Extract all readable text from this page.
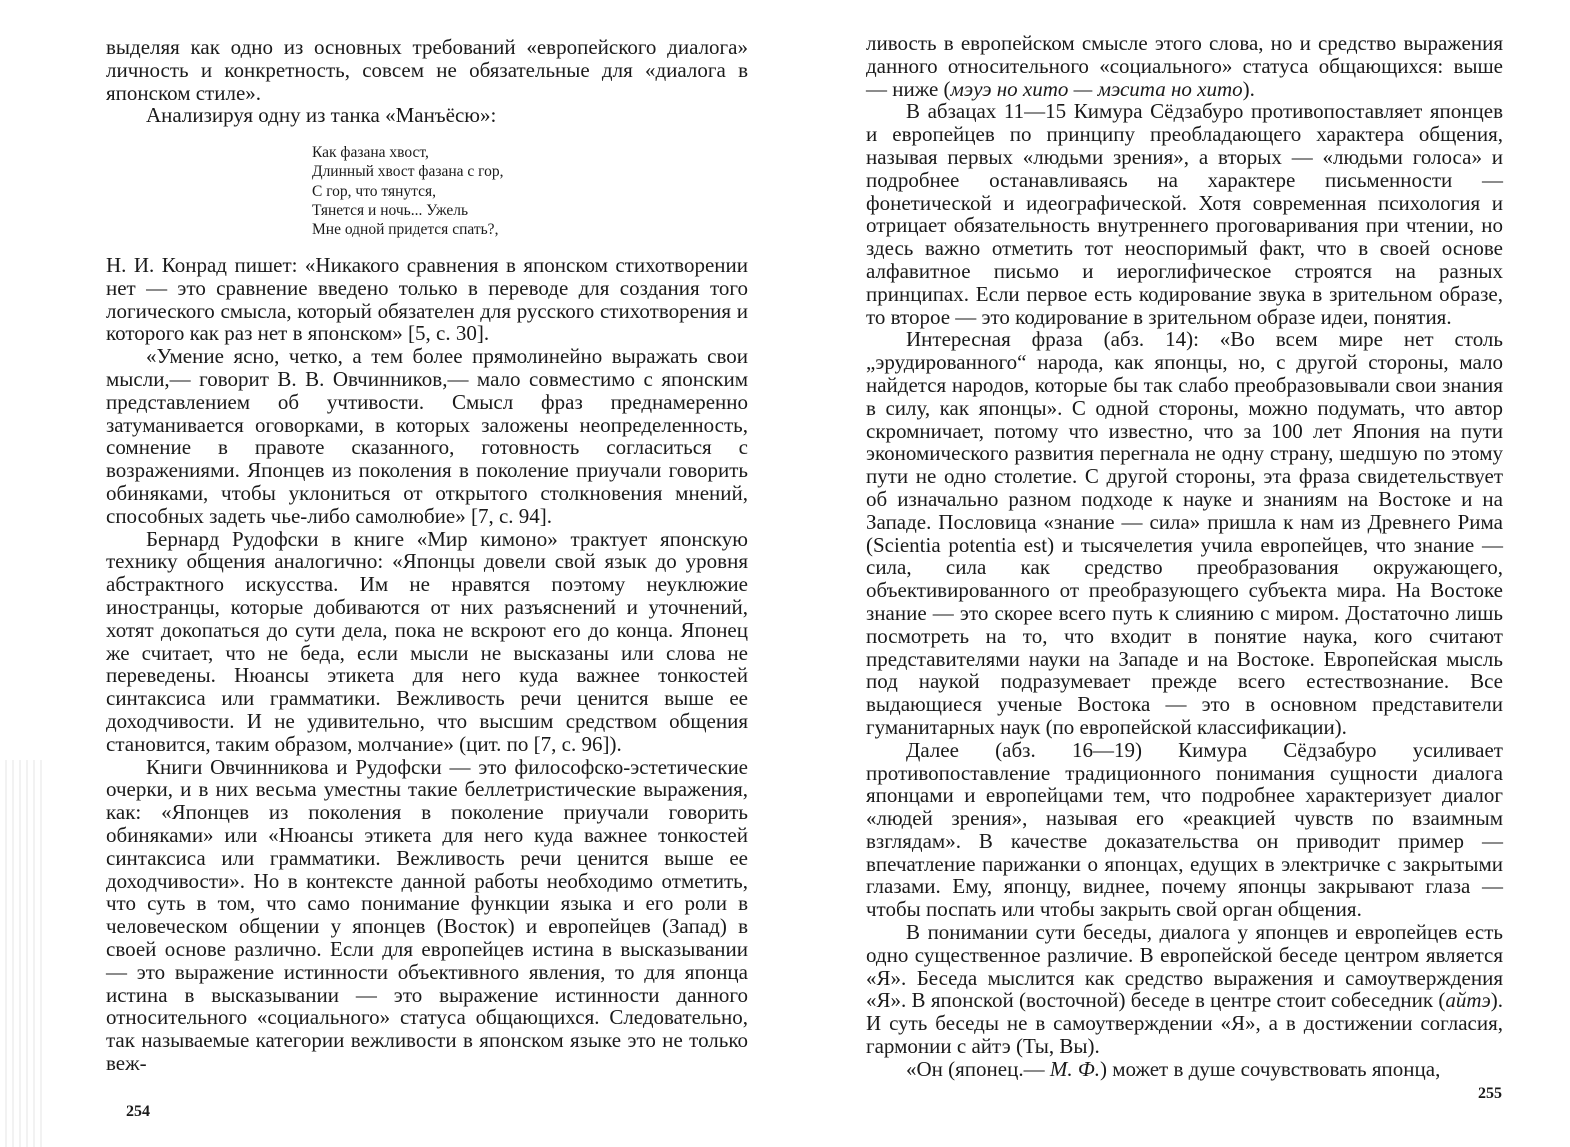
выделяя как одно из основных требований «европейского диалога» личность и конкретность, совсем не обязательные для «диалога в японском стиле».

Анализируя одну из танка «Манъёсю»:

Как фазана хвост,
Длинный хвост фазана с гор,
С гор, что тянутся,
Тянется и ночь... Ужель
Мне одной придется спать?,

Н. И. Конрад пишет: «Никакого сравнения в японском стихотворении нет — это сравнение введено только в переводе для создания того логического смысла, который обязателен для русского стихотворения и которого как раз нет в японском» [5, с. 30].

«Умение ясно, четко, а тем более прямолинейно выражать свои мысли,— говорит В. В. Овчинников,— мало совместимо с японским представлением об учтивости. Смысл фраз преднамеренно затуманивается оговорками, в которых заложены неопределенность, сомнение в правоте сказанного, готовность согласиться с возражениями. Японцев из поколения в поколение приучали говорить обиняками, чтобы уклониться от открытого столкновения мнений, способных задеть чье-либо самолюбие» [7, с. 94].

Бернард Рудофски в книге «Мир кимоно» трактует японскую технику общения аналогично: «Японцы довели свой язык до уровня абстрактного искусства. Им не нравятся поэтому неуклюжие иностранцы, которые добиваются от них разъяснений и уточнений, хотят докопаться до сути дела, пока не вскроют его до конца. Японец же считает, что не беда, если мысли не высказаны или слова не переведены. Нюансы этикета для него куда важнее тонкостей синтаксиса или грамматики. Вежливость речи ценится выше ее доходчивости. И не удивительно, что высшим средством общения становится, таким образом, молчание» (цит. по [7, с. 96]).

Книги Овчинникова и Рудофски — это философско-эстетические очерки, и в них весьма уместны такие беллетристические выражения, как: «Японцев из поколения в поколение приучали говорить обиняками» или «Нюансы этикета для него куда важнее тонкостей синтаксиса или грамматики. Вежливость речи ценится выше ее доходчивости». Но в контексте данной работы необходимо отметить, что суть в том, что само понимание функции языка и его роли в человеческом общении у японцев (Восток) и европейцев (Запад) в своей основе различно. Если для европейцев истина в высказывании — это выражение истинности объективного явления, то для японца истина в высказывании — это выражение истинности данного относительного «социального» статуса общающихся. Следовательно, так называемые категории вежливости в японском языке это не только веж-

254

ливость в европейском смысле этого слова, но и средство выражения данного относительного «социального» статуса общающихся: выше — ниже (мэуэ но хито — мэсита но хито).

В абзацах 11—15 Кимура Сёдзабуро противопоставляет японцев и европейцев по принципу преобладающего характера общения, называя первых «людьми зрения», а вторых — «людьми голоса» и подробнее останавливаясь на характере письменности — фонетической и идеографической. Хотя современная психология и отрицает обязательность внутреннего проговаривания при чтении, но здесь важно отметить тот неоспоримый факт, что в своей основе алфавитное письмо и иероглифическое строятся на разных принципах. Если первое есть кодирование звука в зрительном образе, то второе — это кодирование в зрительном образе идеи, понятия.

Интересная фраза (абз. 14): «Во всем мире нет столь „эрудированного“ народа, как японцы, но, с другой стороны, мало найдется народов, которые бы так слабо преобразовывали свои знания в силу, как японцы». С одной стороны, можно подумать, что автор скромничает, потому что известно, что за 100 лет Япония на пути экономического развития перегнала не одну страну, шедшую по этому пути не одно столетие. С другой стороны, эта фраза свидетельствует об изначально разном подходе к науке и знаниям на Востоке и на Западе. Пословица «знание — сила» пришла к нам из Древнего Рима (Scientia potentia est) и тысячелетия учила европейцев, что знание — сила, сила как средство преобразования окружающего, объективированного от преобразующего субъекта мира. На Востоке знание — это скорее всего путь к слиянию с миром. Достаточно лишь посмотреть на то, что входит в понятие наука, кого считают представителями науки на Западе и на Востоке. Европейская мысль под наукой подразумевает прежде всего естествознание. Все выдающиеся ученые Востока — это в основном представители гуманитарных наук (по европейской классификации).

Далее (абз. 16—19) Кимура Сёдзабуро усиливает противопоставление традиционного понимания сущности диалога японцами и европейцами тем, что подробнее характеризует диалог «людей зрения», называя его «реакцией чувств по взаимным взглядам». В качестве доказательства он приводит пример — впечатление парижанки о японцах, едущих в электричке с закрытыми глазами. Ему, японцу, виднее, почему японцы закрывают глаза — чтобы поспать или чтобы закрыть свой орган общения.

В понимании сути беседы, диалога у японцев и европейцев есть одно существенное различие. В европейской беседе центром является «Я». Беседа мыслится как средство выражения и самоутверждения «Я». В японской (восточной) беседе в центре стоит собеседник (айтэ). И суть беседы не в самоутверждении «Я», а в достижении согласия, гармонии с айтэ (Ты, Вы).

«Он (японец.— М. Ф.) может в душе сочувствовать японца,

255
